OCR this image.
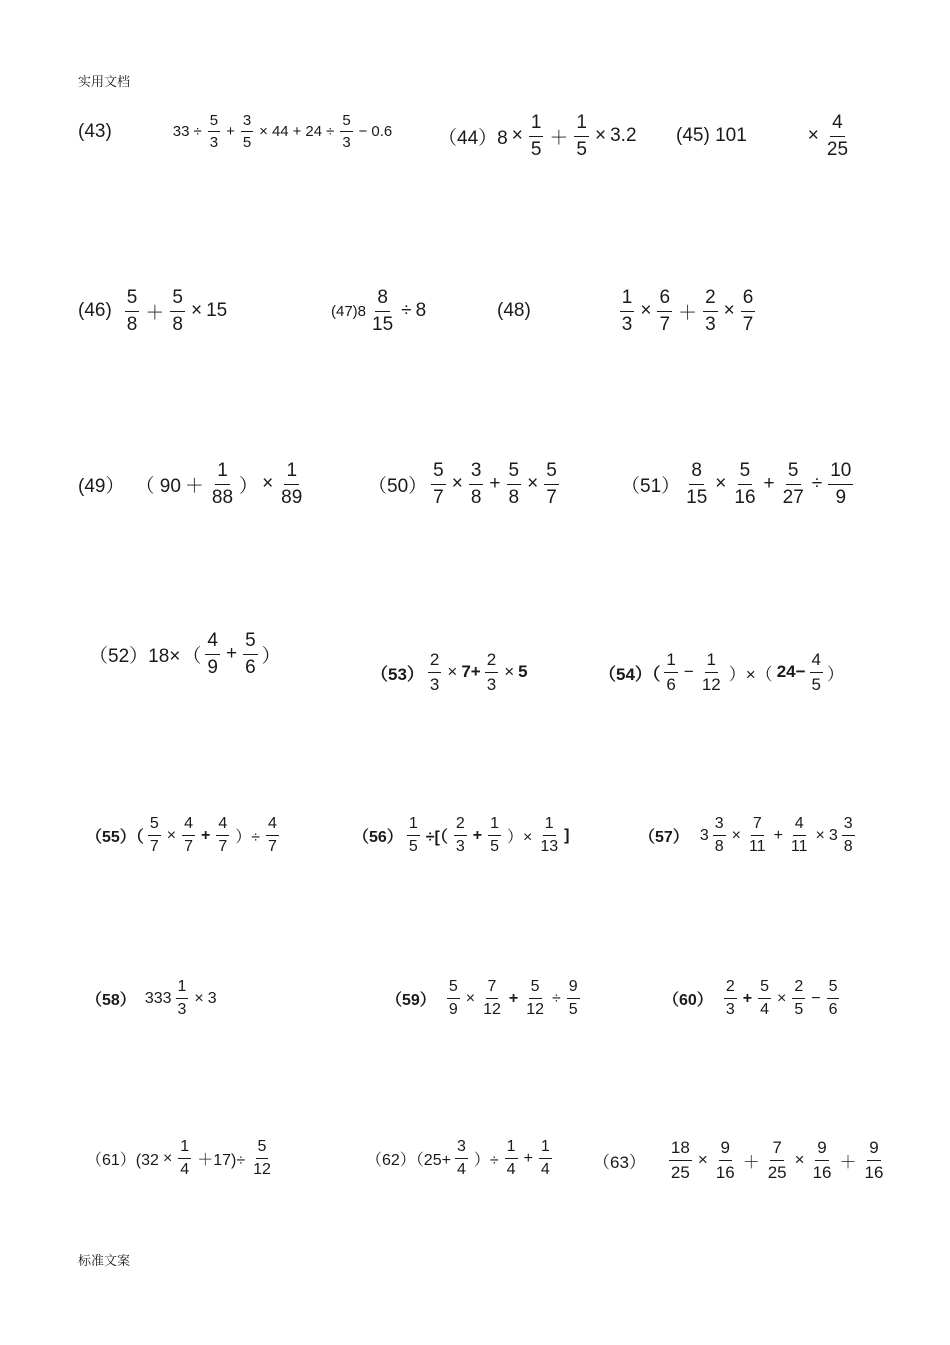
实用文档
(43)	$33 \div \frac{5}{3} + \frac{3}{5} \times 44 + 24 \div \frac{5}{3} - 0.6$ $(44)8 \times \frac{1}{5} + \frac{1}{5} \times 3.2$ (45) 101	× $\frac{4}{25}$
$(46) \frac{5}{8} + \frac{5}{8} \times 15$	$(47)8 \frac{8}{15} \div 8$	(48)	$\frac{1}{3} \times \frac{6}{7} + \frac{2}{3} \times \frac{6}{7}$
(49） （ $90 + \frac{1}{88}$ ） × $\frac{1}{89}$	$(50) \frac{5}{7} \times \frac{3}{8} + \frac{5}{8} \times \frac{5}{7}$	$(51) \frac{8}{15} \times \frac{5}{16} + \frac{5}{27} \div \frac{10}{9}$
（52）18× （ $\frac{4}{9} + \frac{5}{6}$ ）
$(53) \frac{2}{3} \times 7+ \frac{2}{3} \times 5$	$(54)( \frac{1}{6} - \frac{1}{12}$ ）×（ $24- \frac{4}{5}$ ）
$(55)( \frac{5}{7} \times \frac{4}{7} + \frac{4}{7}$ ）÷ $\frac{4}{7}$	$(56) \frac{1}{5}$ ÷[（ $\frac{2}{3} + \frac{1}{5}$ ）× $\frac{1}{13}$ ]	（57） $3 \frac{3}{8} \times \frac{7}{11} + \frac{4}{11} \times 3 \frac{3}{8}$
（58） $333 \frac{1}{3} \times 3$	$(59) \frac{5}{9} \times \frac{7}{12} + \frac{5}{12} \div \frac{9}{5}$	$(60) \frac{2}{3} + \frac{5}{4} \times \frac{2}{5} - \frac{5}{6}$
$(61)(32 \times \frac{1}{4} +17)\div \frac{5}{12}$	$(62)(25+ \frac{3}{4}$ ）÷ $\frac{1}{4} + \frac{1}{4} (63) \frac{18}{25} \times \frac{9}{16} + \frac{7}{25} \times \frac{9}{16} + \frac{9}{16}$
标准文案
